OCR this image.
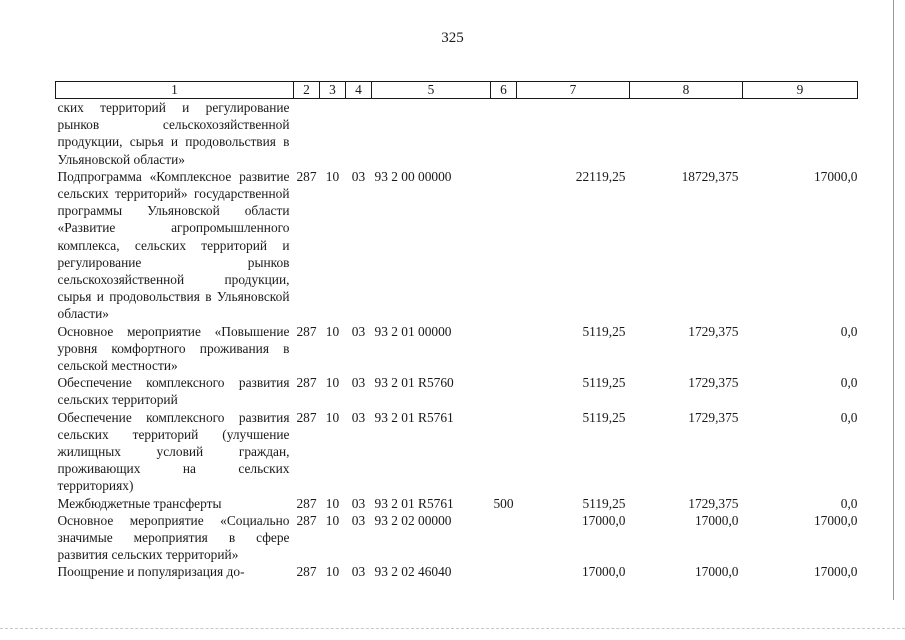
325
1	2	3	4	5	6	7	8	9
ских территорий и регулирование рынков сельскохозяйственной продукции, сырья и продовольствия в Ульяновской области»								
Подпрограмма «Комплексное развитие сельских территорий» государственной программы Ульяновской области «Развитие агропромышленного комплекса, сельских территорий и регулирование рынков сельскохозяйственной продукции, сырья и продовольствия в Ульяновской области»	287	10	03	93 2 00 00000		22119,25	18729,375	17000,0
Основное мероприятие «Повышение уровня комфортного проживания в сельской местности»	287	10	03	93 2 01 00000		5119,25	1729,375	0,0
Обеспечение комплексного развития сельских территорий	287	10	03	93 2 01 R5760		5119,25	1729,375	0,0
Обеспечение комплексного развития сельских территорий (улучшение жилищных условий граждан, проживающих на сельских территориях)	287	10	03	93 2 01 R5761		5119,25	1729,375	0,0
Межбюджетные трансферты	287	10	03	93 2 01 R5761	500	5119,25	1729,375	0,0
Основное мероприятие «Социально значимые мероприятия в сфере развития сельских территорий»	287	10	03	93 2 02 00000		17000,0	17000,0	17000,0
Поощрение и популяризация до-	287	10	03	93 2 02 46040		17000,0	17000,0	17000,0
